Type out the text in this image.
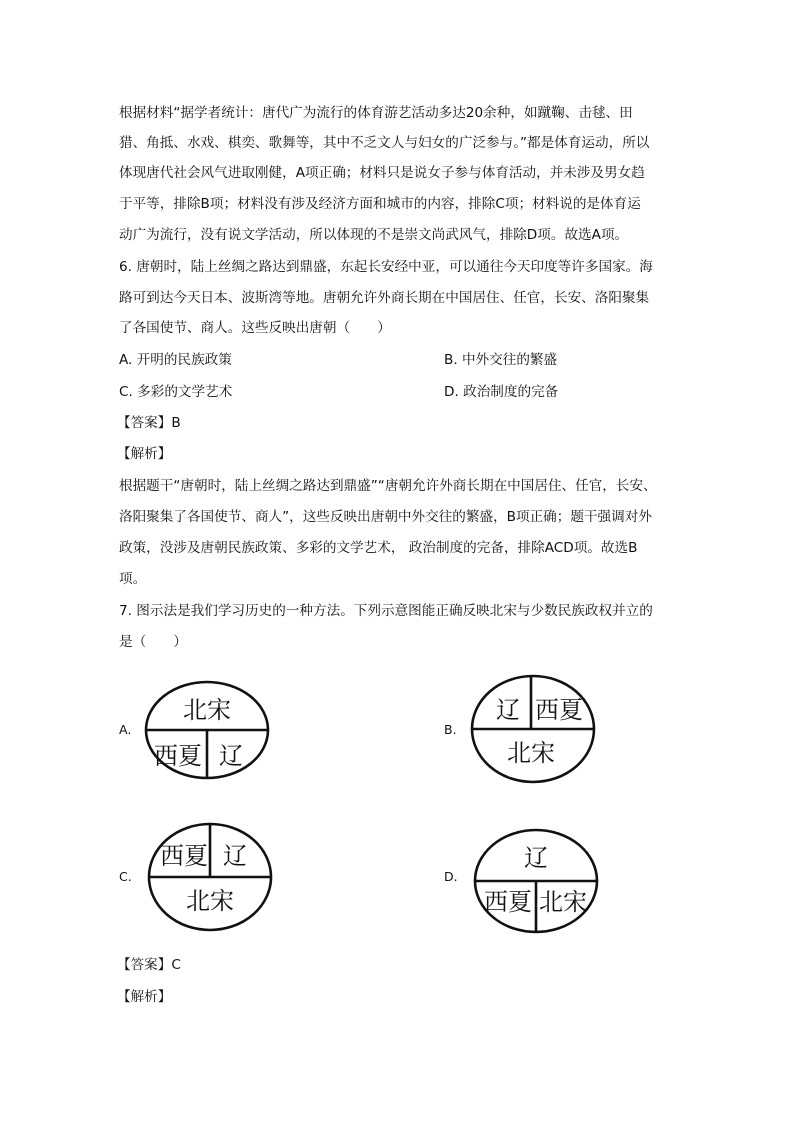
根据材料“据学者统计：唐代广为流行的体育游艺活动多达20余种，如蹴鞠、击毬、田
猎、角抵、水戏、棋奕、歌舞等，其中不乏文人与妇女的广泛参与。”都是体育运动，所以
体现唐代社会风气进取刚健，A项正确；材料只是说女子参与体育活动，并未涉及男女趋
于平等，排除B项；材料没有涉及经济方面和城市的内容，排除C项；材料说的是体育运
动广为流行，没有说文学活动，所以体现的不是崇文尚武风气，排除D项。故选A项。
6. 唐朝时，陆上丝绸之路达到鼎盛，东起长安经中亚，可以通往今天印度等许多国家。海
路可到达今天日本、波斯湾等地。唐朝允许外商长期在中国居住、任官，长安、洛阳聚集
了各国使节、商人。这些反映出唐朝（　　）
A. 开明的民族政策	B. 中外交往的繁盛
C. 多彩的文学艺术	D. 政治制度的完备
【答案】B
【解析】
根据题干“唐朝时，陆上丝绸之路达到鼎盛”“唐朝允许外商长期在中国居住、任官，长安、
洛阳聚集了各国使节、商人”，这些反映出唐朝中外交往的繁盛，B项正确；题干强调对外
政策，没涉及唐朝民族政策、多彩的文学艺术， 政治制度的完备，排除ACD项。故选B
项。
7. 图示法是我们学习历史的一种方法。下列示意图能正确反映北宋与少数民族政权并立的
是（　　）
A.
北宋
西夏 辽
B.
辽 西夏
北宋
C.
西夏 辽
北宋
D.
辽
西夏 北宋
【答案】C
【解析】
